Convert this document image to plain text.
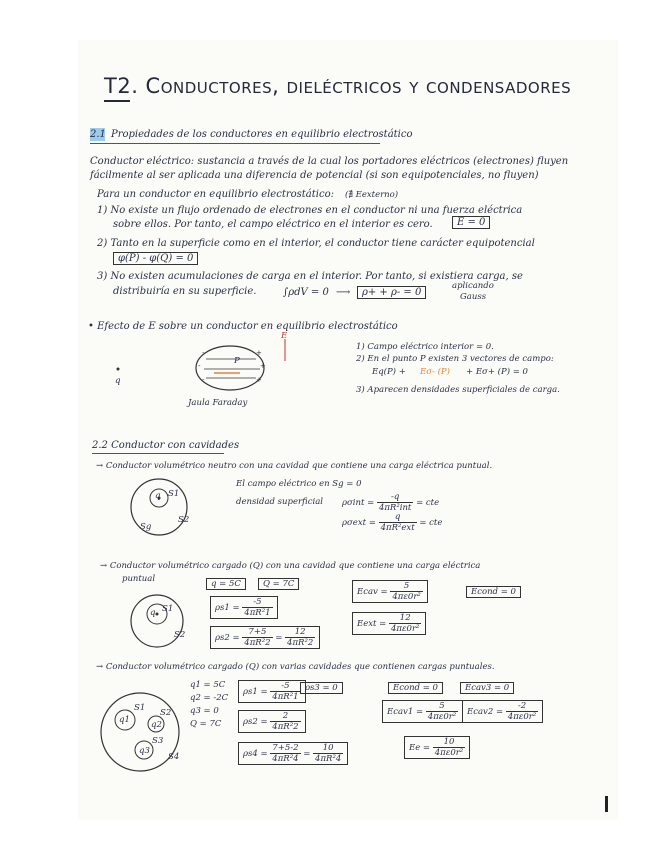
T2. Conductores, dieléctricos y condensadores
2.1 Propiedades de los conductores en equilibrio electrostático
Conductor eléctrico: sustancia a través de la cual los portadores eléctricos (electrones) fluyen
fácilmente al ser aplicada una diferencia de potencial (si son equipotenciales, no fluyen)
Para un conductor en equilibrio electrostático: (∄ Eexterno)
1) No existe un flujo ordenado de electrones en el conductor ni una fuerza eléctrica
sobre ellos. Por tanto, el campo eléctrico en el interior es cero.	E = 0
2) Tanto en la superficie como en el interior, el conductor tiene carácter equipotencial
φ(P) - φ(Q) = 0
3) No existen acumulaciones de carga en el interior. Por tanto, si existiera carga, se
distribuiría en su superficie.	∫ρdV = 0 ⟶	ρ+ + ρ- = 0
aplicando
Gauss
• Efecto de E sobre un conductor en equilibrio electrostático
-
-
-
+
+
+
E
q
P
Jaula Faraday
1) Campo eléctrico interior = 0.
2) En el punto P existen 3 vectores de campo:
Eq(P) + Eσ- (P) + Eσ+ (P) = 0
3) Aparecen densidades superficiales de carga.
2.2 Conductor con cavidades
→ Conductor volumétrico neutro con una cavidad que contiene una carga eléctrica puntual.
q S1
S2
Sg
El campo eléctrico en Sg = 0
densidad superficial $\rho\sigma int = \frac{-q}{\text{4πR²int}}$ = cte
$\rho\sigma ext = \frac{q}{\text{4πR²ext}}$ = cte
→ Conductor volumétrico cargado (Q) con una cavidad que contiene una carga eléctrica
puntual
q S1
S2
q = 5C	Q = 7C
$\rho s1 = \frac{-5}{\text{4πR²1}}$
$\rho s2 = \frac{7+5}{\text{4πR²2}} = \frac{12}{\text{4πR²2}}$
Ecav = $\frac{5}{\text{4πε0r²}}$
Eext = $\frac{12}{\text{4πε0r²}}$
Econd = 0
→ Conductor volumétrico cargado (Q) con varias cavidades que contienen cargas puntuales.
q1 q2
q3
S1 S2
S3
S4
q1 = 5C
q2 = -2C
q3 = 0
Q = 7C
$\rho s1 = \frac{-5}{\text{4πR²1}} \rho s3 = 0$
$\rho s2 = \frac{2}{\text{4πR²2}}$
$\rho s4 = \frac{7+5-2}{\text{4πR²4}} = \frac{10}{\text{4πR²4}}$
Econd = 0	Ecav3 = 0
Ecav1 = $\frac{5}{\text{4πε0r²}}$	Ecav2 = $\frac{-2}{\text{4πε0r²}}$
$Ee = \frac{10}{\text{4πε0r²}}$
